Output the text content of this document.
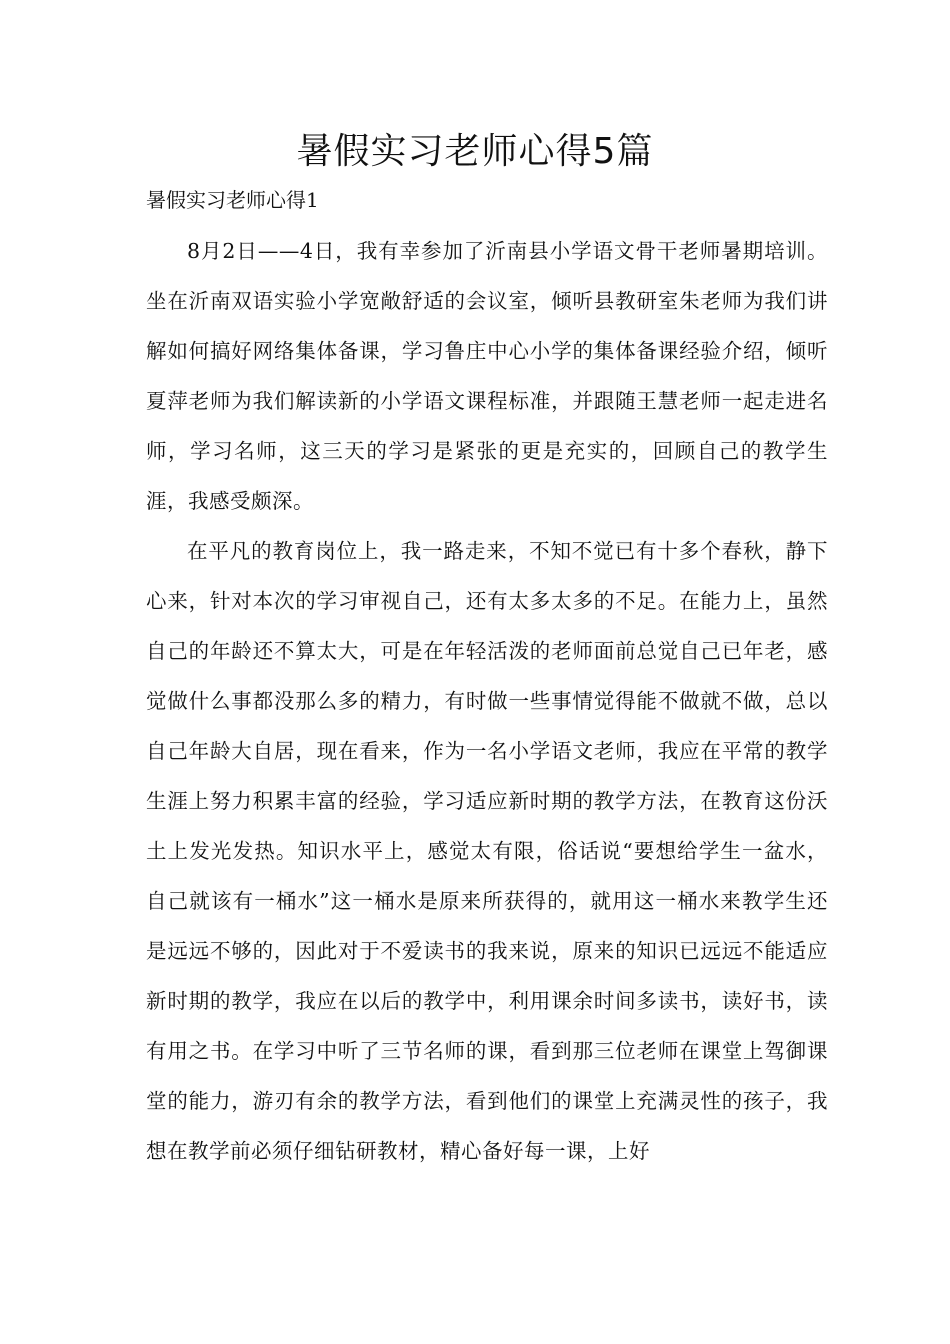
暑假实习老师心得5篇
暑假实习老师心得1

8月2日——4日，我有幸参加了沂南县小学语文骨干老师暑期培训。坐在沂南双语实验小学宽敞舒适的会议室，倾听县教研室朱老师为我们讲解如何搞好网络集体备课，学习鲁庄中心小学的集体备课经验介绍，倾听夏萍老师为我们解读新的小学语文课程标准，并跟随王慧老师一起走进名师，学习名师，这三天的学习是紧张的更是充实的，回顾自己的教学生涯，我感受颇深。

在平凡的教育岗位上，我一路走来，不知不觉已有十多个春秋，静下心来，针对本次的学习审视自己，还有太多太多的不足。在能力上，虽然自己的年龄还不算太大，可是在年轻活泼的老师面前总觉自己已年老，感觉做什么事都没那么多的精力，有时做一些事情觉得能不做就不做，总以自己年龄大自居，现在看来，作为一名小学语文老师，我应在平常的教学生涯上努力积累丰富的经验，学习适应新时期的教学方法，在教育这份沃土上发光发热。知识水平上，感觉太有限，俗话说“要想给学生一盆水，自己就该有一桶水”这一桶水是原来所获得的，就用这一桶水来教学生还是远远不够的，因此对于不爱读书的我来说，原来的知识已远远不能适应新时期的教学，我应在以后的教学中，利用课余时间多读书，读好书，读有用之书。在学习中听了三节名师的课，看到那三位老师在课堂上驾御课堂的能力，游刃有余的教学方法，看到他们的课堂上充满灵性的孩子，我想在教学前必须仔细钻研教材，精心备好每一课，上好
